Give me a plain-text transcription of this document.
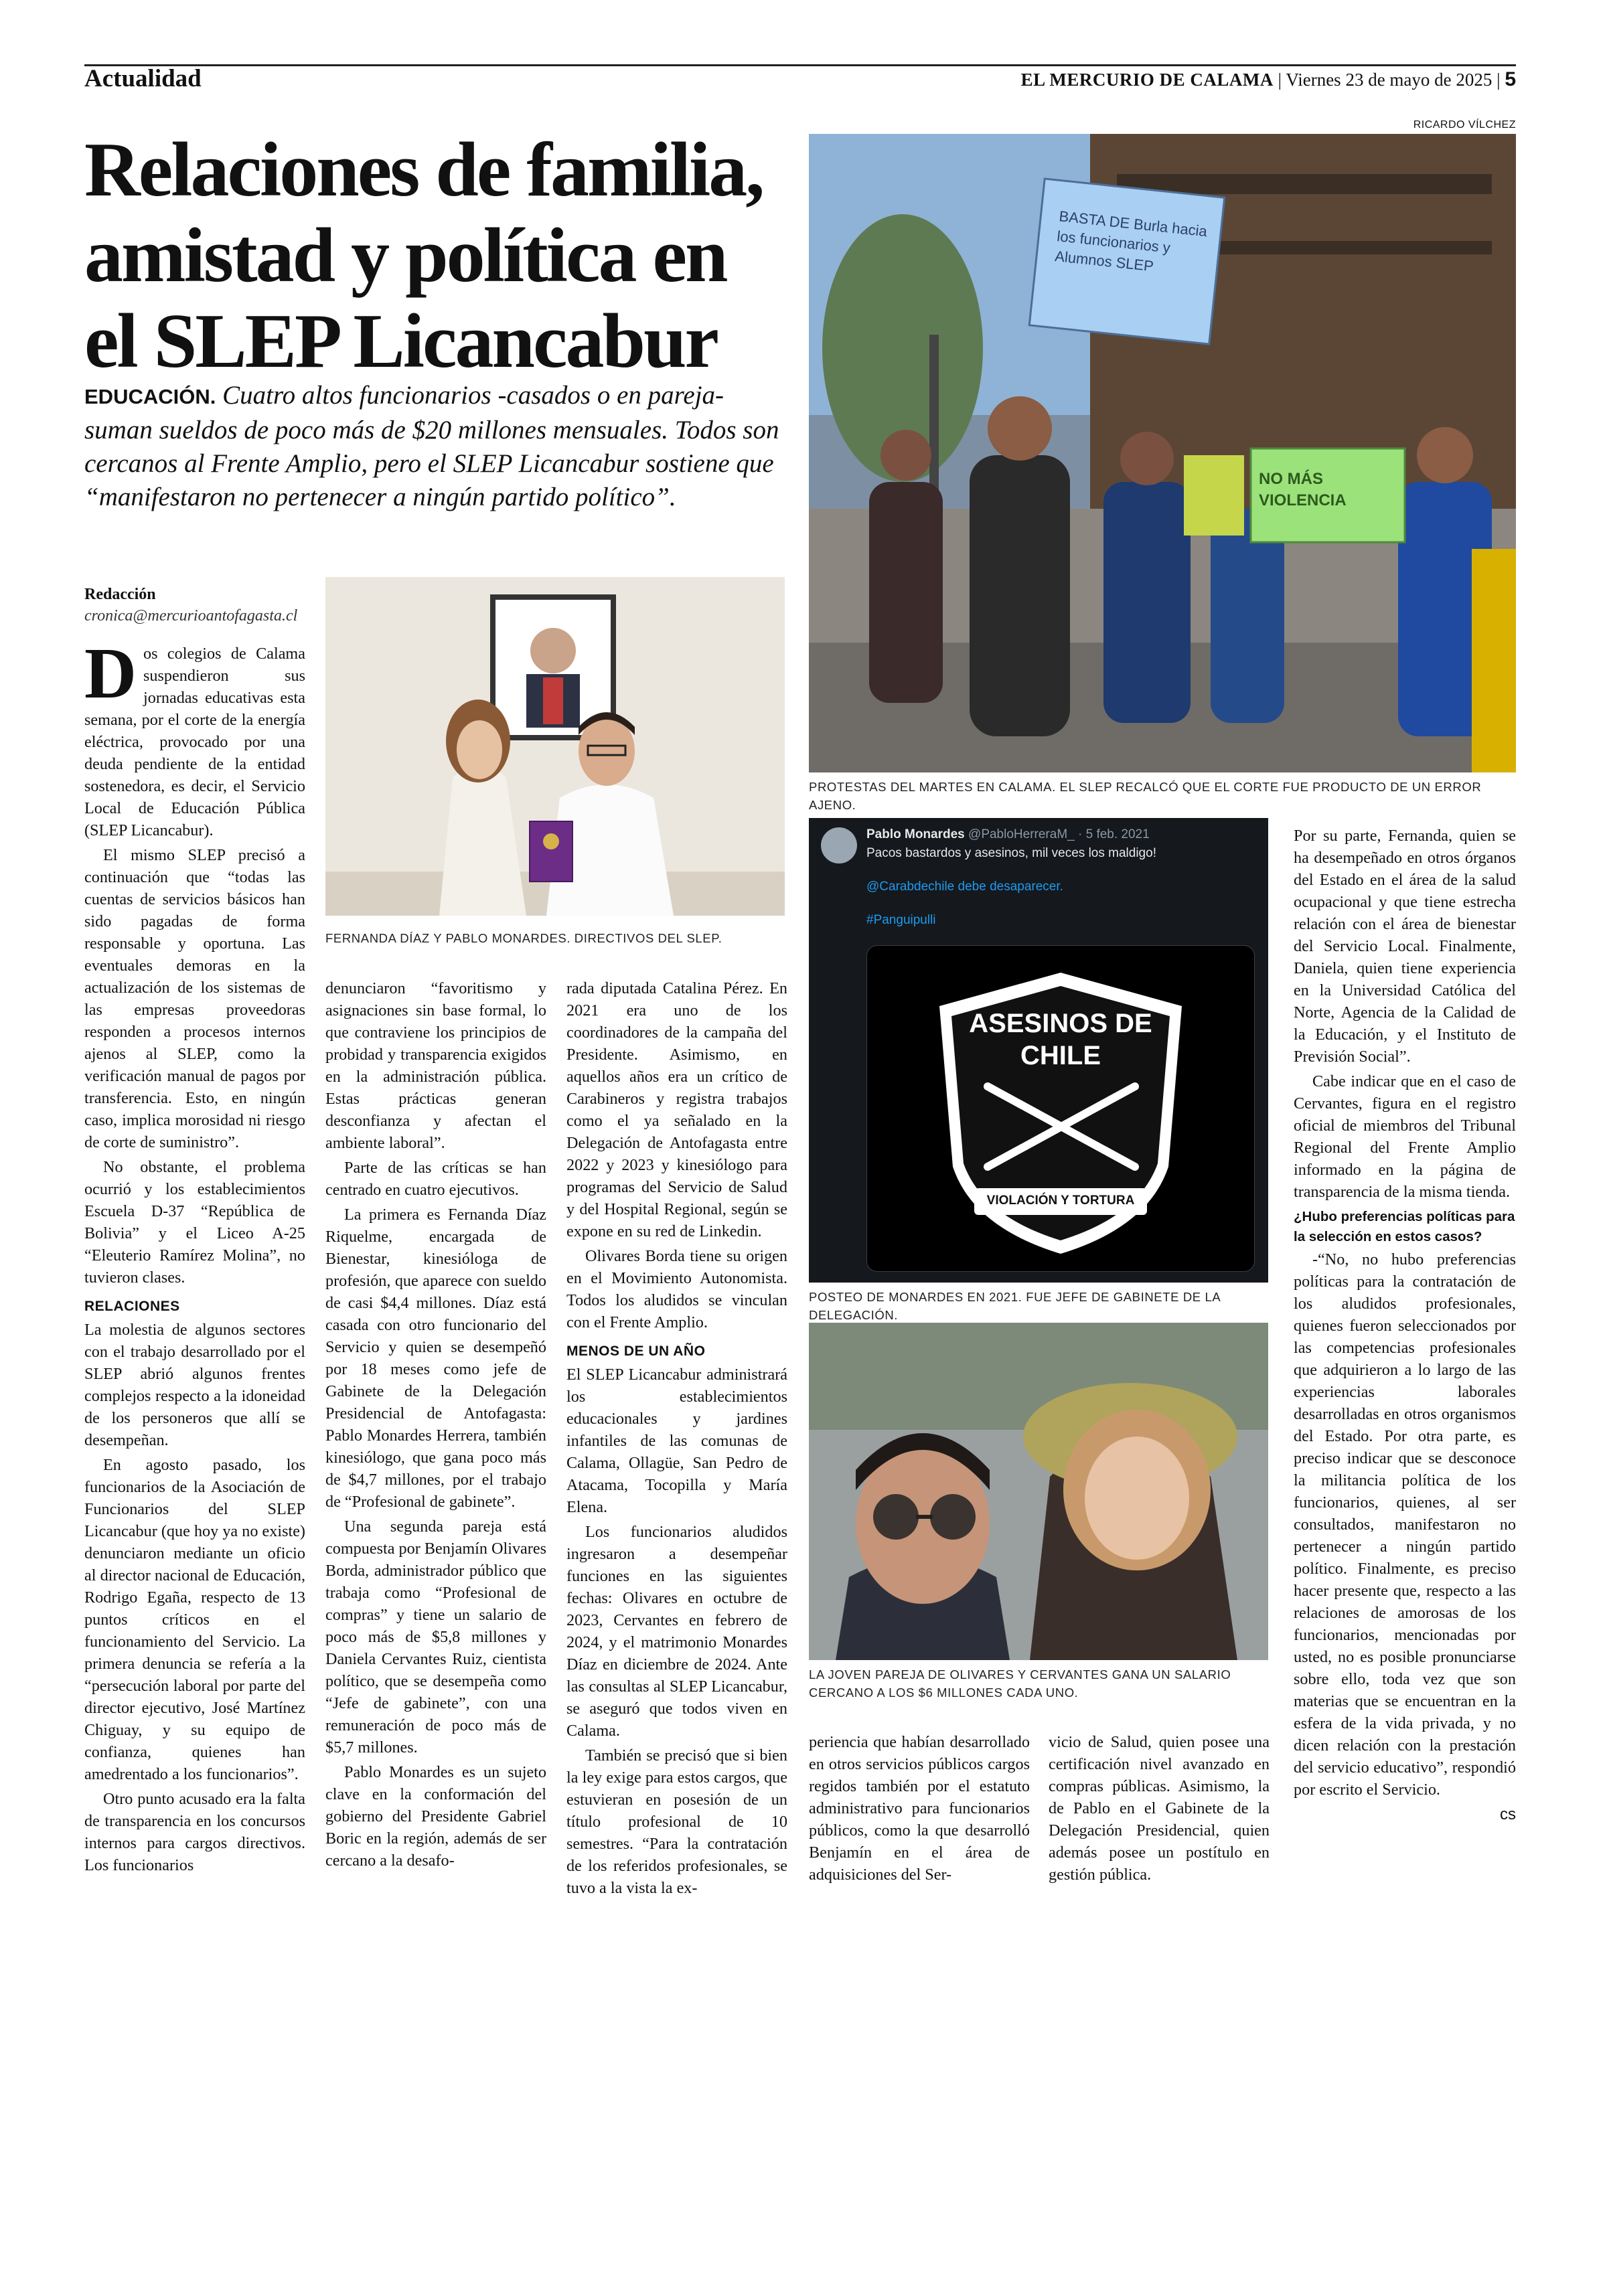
Actualidad	EL MERCURIO DE CALAMA | Viernes 23 de mayo de 2025 | 5
Relaciones de familia, amistad y política en el SLEP Licancabur
EDUCACIÓN. Cuatro altos funcionarios -casados o en pareja- suman sueldos de poco más de $20 millones mensuales. Todos son cercanos al Frente Amplio, pero el SLEP Licancabur sostiene que “manifestaron no pertenecer a ningún partido político”.
Redacción
cronica@mercurioantofagasta.cl
RICARDO VÍLCHEZ
BASTA DE Burla hacia los funcionarios y Alumnos SLEP
NO MÁS VIOLENCIA
PROTESTAS DEL MARTES EN CALAMA. EL SLEP RECALCÓ QUE EL CORTE FUE PRODUCTO DE UN ERROR AJENO.
FERNANDA DÍAZ Y PABLO MONARDES. DIRECTIVOS DEL SLEP.
Pablo Monardes @PabloHerreraM_ · 5 feb. 2021
Pacos bastardos y asesinos, mil veces los maldigo!
@Carabdechile debe desaparecer.
#Panguipulli
ASESINOS DE CHILE
VIOLACIÓN Y TORTURA
POSTEO DE MONARDES EN 2021. FUE JEFE DE GABINETE DE LA DELEGACIÓN.
LA JOVEN PAREJA DE OLIVARES Y CERVANTES GANA UN SALARIO CERCANO A LOS $6 MILLONES CADA UNO.

Dos colegios de Calama suspendieron sus jornadas educativas esta semana, por el corte de la energía eléctrica, provocado por una deuda pendiente de la entidad sostenedora, es decir, el Servicio Local de Educación Pública (SLEP Licancabur).

El mismo SLEP precisó a continuación que “todas las cuentas de servicios básicos han sido pagadas de forma responsable y oportuna. Las eventuales demoras en la actualización de los sistemas de las empresas proveedoras responden a procesos internos ajenos al SLEP, como la verificación manual de pagos por transferencia. Esto, en ningún caso, implica morosidad ni riesgo de corte de suministro”.

No obstante, el problema ocurrió y los establecimientos Escuela D-37 “República de Bolivia” y el Liceo A-25 “Eleuterio Ramírez Molina”, no tuvieron clases.

RELACIONES

La molestia de algunos sectores con el trabajo desarrollado por el SLEP abrió algunos frentes complejos respecto a la idoneidad de los personeros que allí se desempeñan.

En agosto pasado, los funcionarios de la Asociación de Funcionarios del SLEP Licancabur (que hoy ya no existe) denunciaron mediante un oficio al director nacional de Educación, Rodrigo Egaña, respecto de 13 puntos críticos en el funcionamiento del Servicio. La primera denuncia se refería a la “persecución laboral por parte del director ejecutivo, José Martínez Chiguay, y su equipo de confianza, quienes han amedrentado a los funcionarios”.

Otro punto acusado era la falta de transparencia en los concursos internos para cargos directivos. Los funcionarios

denunciaron “favoritismo y asignaciones sin base formal, lo que contraviene los principios de probidad y transparencia exigidos en la administración pública. Estas prácticas generan desconfianza y afectan el ambiente laboral”.

Parte de las críticas se han centrado en cuatro ejecutivos.

La primera es Fernanda Díaz Riquelme, encargada de Bienestar, kinesióloga de profesión, que aparece con sueldo de casi $4,4 millones. Díaz está casada con otro funcionario del Servicio y quien se desempeñó por 18 meses como jefe de Gabinete de la Delegación Presidencial de Antofagasta: Pablo Monardes Herrera, también kinesiólogo, que gana poco más de $4,7 millones, por el trabajo de “Profesional de gabinete”.

Una segunda pareja está compuesta por Benjamín Olivares Borda, administrador público que trabaja como “Profesional de compras” y tiene un salario de poco más de $5,8 millones y Daniela Cervantes Ruiz, cientista político, que se desempeña como “Jefe de gabinete”, con una remuneración de poco más de $5,7 millones.

Pablo Monardes es un sujeto clave en la conformación del gobierno del Presidente Gabriel Boric en la región, además de ser cercano a la desafo-

rada diputada Catalina Pérez. En 2021 era uno de los coordinadores de la campaña del Presidente. Asimismo, en aquellos años era un crítico de Carabineros y registra trabajos como el ya señalado en la Delegación de Antofagasta entre 2022 y 2023 y kinesiólogo para programas del Servicio de Salud y del Hospital Regional, según se expone en su red de Linkedin.

Olivares Borda tiene su origen en el Movimiento Autonomista. Todos los aludidos se vinculan con el Frente Amplio.

MENOS DE UN AÑO

El SLEP Licancabur administrará los establecimientos educacionales y jardines infantiles de las comunas de Calama, Ollagüe, San Pedro de Atacama, Tocopilla y María Elena.

Los funcionarios aludidos ingresaron a desempeñar funciones en las siguientes fechas: Olivares en octubre de 2023, Cervantes en febrero de 2024, y el matrimonio Monardes Díaz en diciembre de 2024. Ante las consultas al SLEP Licancabur, se aseguró que todos viven en Calama.

También se precisó que si bien la ley exige para estos cargos, que estuvieran en posesión de un título profesional de 10 semestres. “Para la contratación de los referidos profesionales, se tuvo a la vista la ex-

periencia que habían desarrollado en otros servicios públicos cargos regidos también por el estatuto administrativo para funcionarios públicos, como la que desarrolló Benjamín en el área de adquisiciones del Ser-

vicio de Salud, quien posee una certificación nivel avanzado en compras públicas. Asimismo, la de Pablo en el Gabinete de la Delegación Presidencial, quien además posee un postítulo en gestión pública.

Por su parte, Fernanda, quien se ha desempeñado en otros órganos del Estado en el área de la salud ocupacional y que tiene estrecha relación con el área de bienestar del Servicio Local. Finalmente, Daniela, quien tiene experiencia en la Universidad Católica del Norte, Agencia de la Calidad de la Educación, y el Instituto de Previsión Social”.

Cabe indicar que en el caso de Cervantes, figura en el registro oficial de miembros del Tribunal Regional del Frente Amplio informado en la página de transparencia de la misma tienda.

¿Hubo preferencias políticas para la selección en estos casos?

-“No, no hubo preferencias políticas para la contratación de los aludidos profesionales, quienes fueron seleccionados por las competencias profesionales que adquirieron a lo largo de las experiencias laborales desarrolladas en otros organismos del Estado. Por otra parte, es preciso indicar que se desconoce la militancia política de los funcionarios, quienes, al ser consultados, manifestaron no pertenecer a ningún partido político. Finalmente, es preciso hacer presente que, respecto a las relaciones de amorosas de los funcionarios, mencionadas por usted, no es posible pronunciarse sobre ello, toda vez que son materias que se encuentran en la esfera de la vida privada, y no dicen relación con la prestación del servicio educativo”, respondió por escrito el Servicio.

cs
